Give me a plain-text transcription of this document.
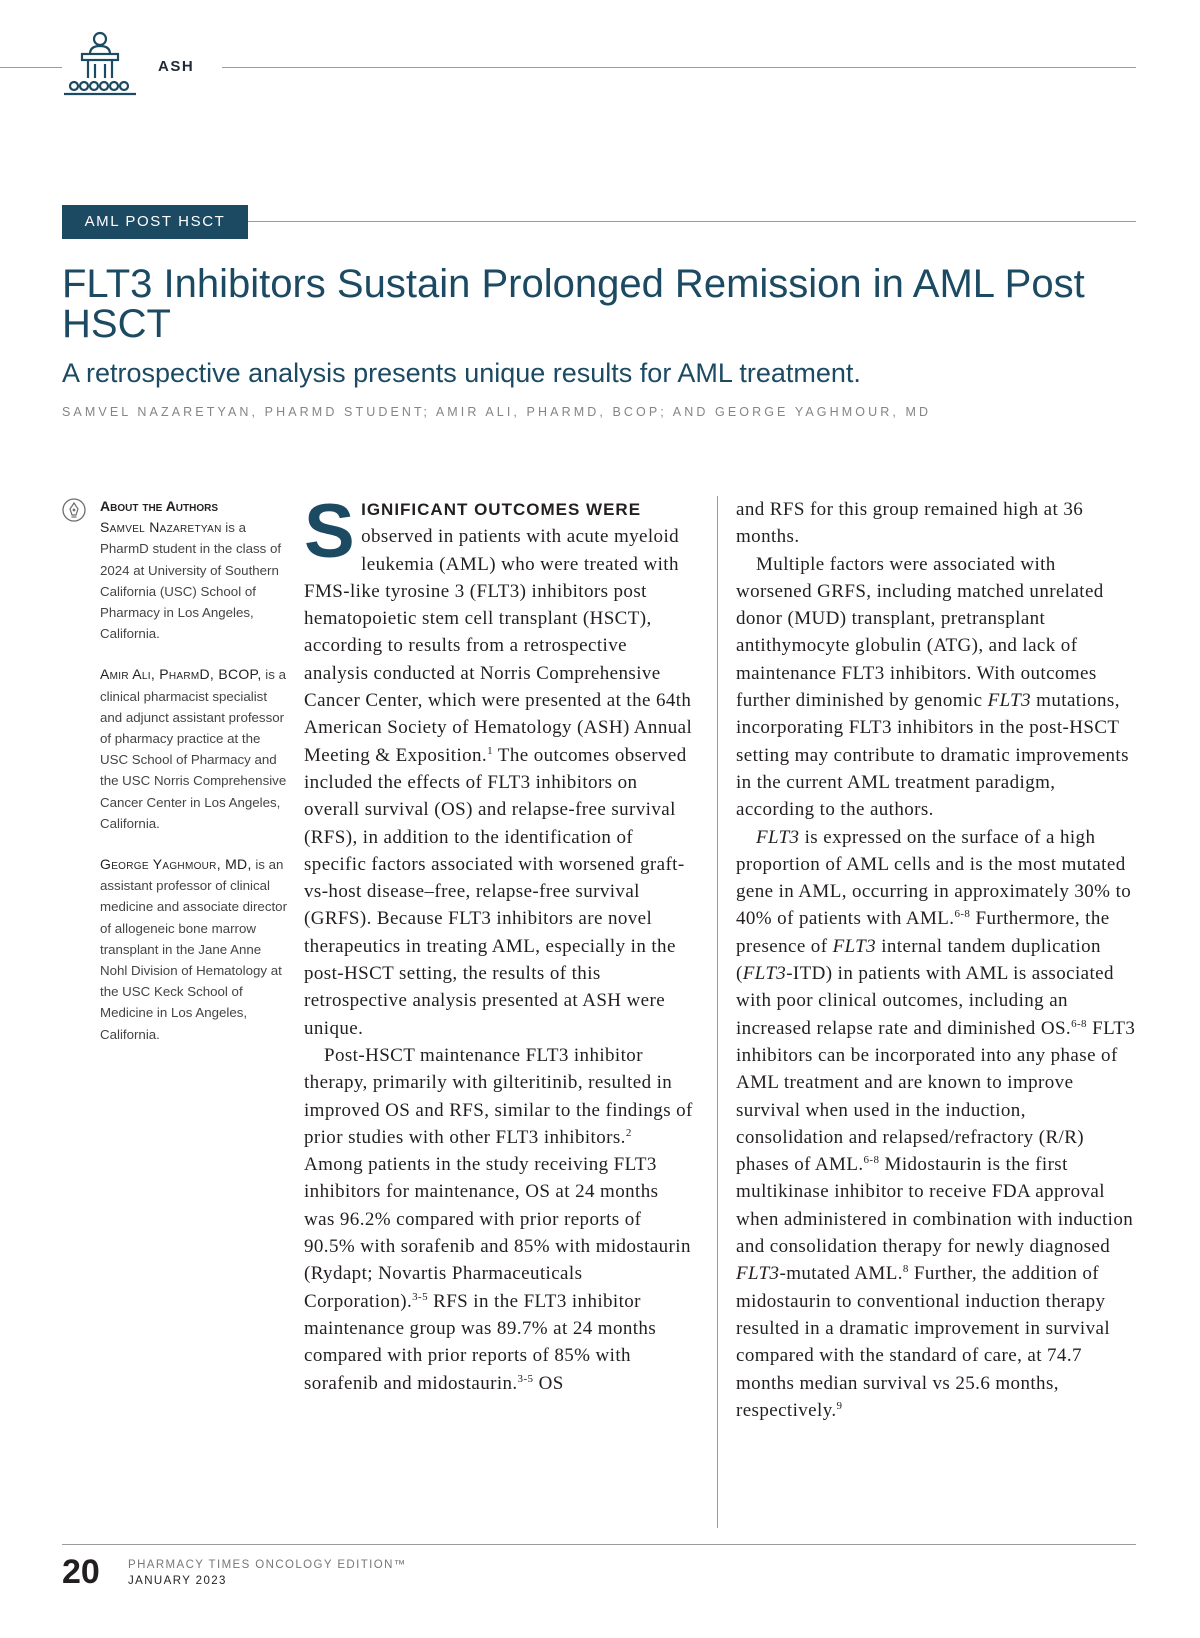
ASH
AML POST HSCT
FLT3 Inhibitors Sustain Prolonged Remission in AML Post HSCT
A retrospective analysis presents unique results for AML treatment.
SAMVEL NAZARETYAN, PHARMD STUDENT; AMIR ALI, PHARMD, BCOP; AND GEORGE YAGHMOUR, MD
About the Authors

Samvel Nazaretyan is a PharmD student in the class of 2024 at University of Southern California (USC) School of Pharmacy in Los Angeles, California.

Amir Ali, PharmD, BCOP, is a clinical pharmacist specialist and adjunct assistant professor of pharmacy practice at the USC School of Pharmacy and the USC Norris Comprehensive Cancer Center in Los Angeles, California.

George Yaghmour, MD, is an assistant professor of clinical medicine and associate director of allogeneic bone marrow transplant in the Jane Anne Nohl Division of Hematology at the USC Keck School of Medicine in Los Angeles, California.

SIGNIFICANT OUTCOMES WERE observed in patients with acute myeloid leukemia (AML) who were treated with FMS-like tyrosine 3 (FLT3) inhibitors post hematopoietic stem cell transplant (HSCT), according to results from a retrospective analysis conducted at Norris Comprehensive Cancer Center, which were presented at the 64th American Society of Hematology (ASH) Annual Meeting & Exposition.$^1$ The outcomes observed included the effects of FLT3 inhibitors on overall survival (OS) and relapse-free survival (RFS), in addition to the identification of specific factors associated with worsened graft-vs-host disease–free, relapse-free survival (GRFS). Because FLT3 inhibitors are novel therapeutics in treating AML, especially in the post-HSCT setting, the results of this retrospective analysis presented at ASH were unique.

Post-HSCT maintenance FLT3 inhibitor therapy, primarily with gilteritinib, resulted in improved OS and RFS, similar to the findings of prior studies with other FLT3 inhibitors.$^2$ Among patients in the study receiving FLT3 inhibitors for maintenance, OS at 24 months was 96.2% compared with prior reports of 90.5% with sorafenib and 85% with midostaurin (Rydapt; Novartis Pharmaceuticals Corporation).$^{3-5}$ RFS in the FLT3 inhibitor maintenance group was 89.7% at 24 months compared with prior reports of 85% with sorafenib and midostaurin.$^{3-5}$ OS

and RFS for this group remained high at 36 months.

Multiple factors were associated with worsened GRFS, including matched unrelated donor (MUD) transplant, pretransplant antithymocyte globulin (ATG), and lack of maintenance FLT3 inhibitors. With outcomes further diminished by genomic FLT3 mutations, incorporating FLT3 inhibitors in the post-HSCT setting may contribute to dramatic improvements in the current AML treatment paradigm, according to the authors.

FLT3 is expressed on the surface of a high proportion of AML cells and is the most mutated gene in AML, occurring in approximately 30% to 40% of patients with AML.$^{6-8}$ Furthermore, the presence of FLT3 internal tandem duplication (FLT3-ITD) in patients with AML is associated with poor clinical outcomes, including an increased relapse rate and diminished OS.$^{6-8}$ FLT3 inhibitors can be incorporated into any phase of AML treatment and are known to improve survival when used in the induction, consolidation and relapsed/refractory (R/R) phases of AML.$^{6-8}$ Midostaurin is the first multikinase inhibitor to receive FDA approval when administered in combination with induction and consolidation therapy for newly diagnosed FLT3-mutated AML.$^8$ Further, the addition of midostaurin to conventional induction therapy resulted in a dramatic improvement in survival compared with the standard of care, at 74.7 months median survival vs 25.6 months, respectively.$^9$

20 PHARMACY TIMES ONCOLOGY EDITION™
JANUARY 2023
